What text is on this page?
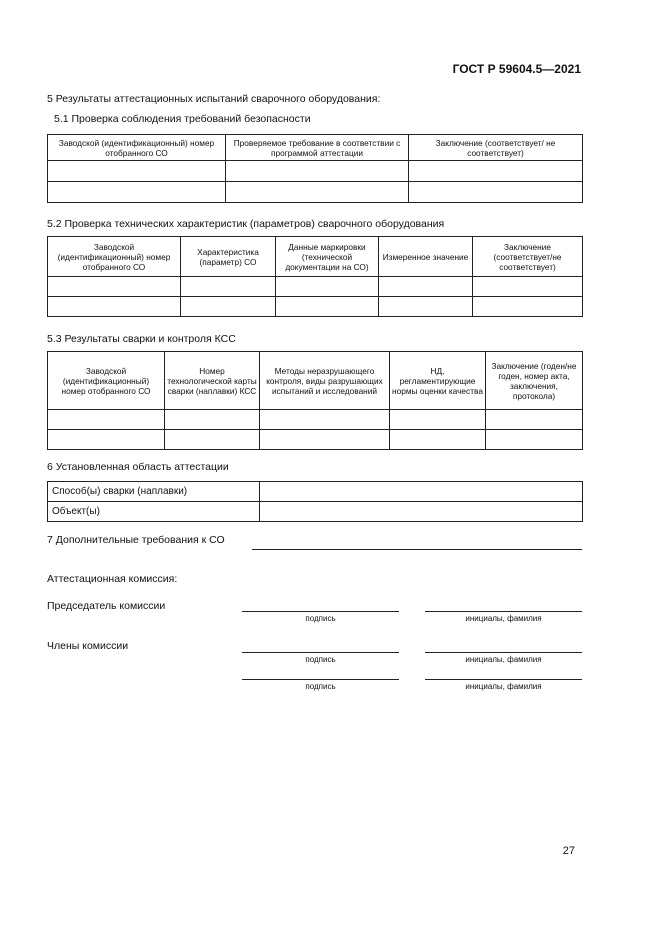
ГОСТ Р 59604.5—2021
5 Результаты аттестационных испытаний сварочного оборудования:
5.1 Проверка соблюдения требований безопасности
Заводской (идентификационный) номер отобранного СО	Проверяемое требование в соответствии с программой аттестации	Заключение (соответствует/ не соответствует)

5.2 Проверка технических характеристик (параметров) сварочного оборудования
Заводской (идентификационный) номер отобранного СО	Характеристика (параметр) СО	Данные маркировки (технической документации на СО)	Измеренное значение	Заключение (соответствует/не соответствует)

5.3 Результаты сварки и контроля КСС
Заводской (идентификационный) номер отобранного СО	Номер технологической карты сварки (наплавки) КСС	Методы неразрушающего контроля, виды разрушающих испытаний и исследований	НД, регламентирующие нормы оценки качества	Заключение (годен/не годен, номер акта, заключения, протокола)

6 Установленная область аттестации
Способ(ы) сварки (наплавки)	
Объект(ы)	
7 Дополнительные требования к СО
Аттестационная комиссия:
Председатель комиссии
подпись	инициалы, фамилия
Члены комиссии
подпись	инициалы, фамилия
подпись	инициалы, фамилия
27
